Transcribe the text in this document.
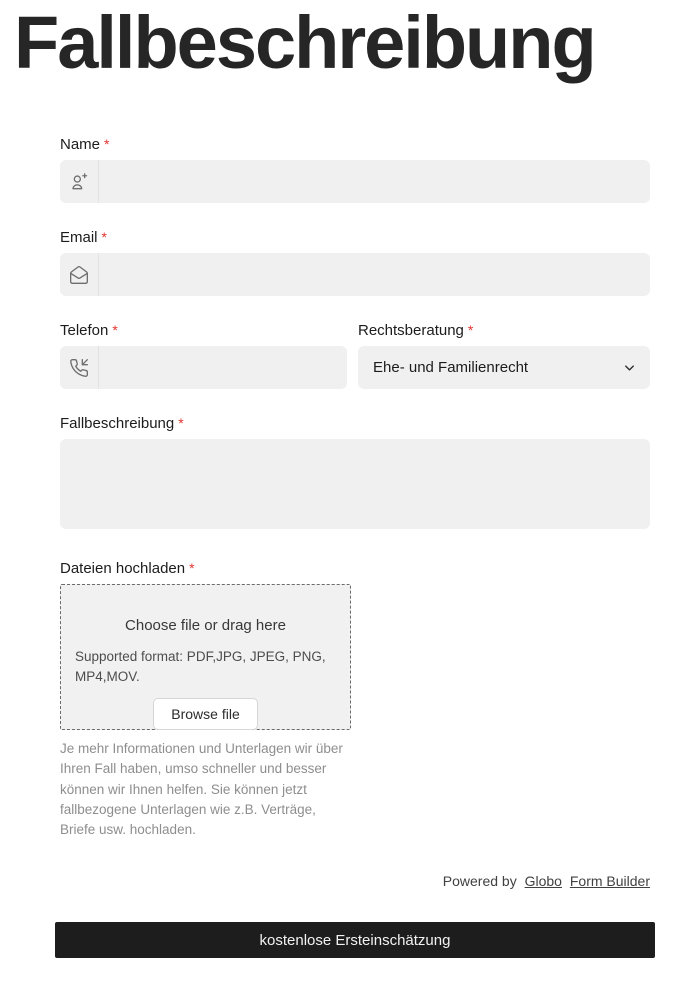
Fallbeschreibung
Name *
Email *
Telefon *	Rechtsberatung *
Ehe- und Familienrecht
Fallbeschreibung *
Dateien hochladen *
Choose file or drag here
Supported format: PDF,JPG, JPEG, PNG, MP4,MOV.
Browse file

Je mehr Informationen und Unterlagen wir über Ihren Fall haben, umso schneller und besser können wir Ihnen helfen. Sie können jetzt fallbezogene Unterlagen wie z.B. Verträge, Briefe usw. hochladen.

Powered by Globo Form Builder
kostenlose Ersteinschätzung
